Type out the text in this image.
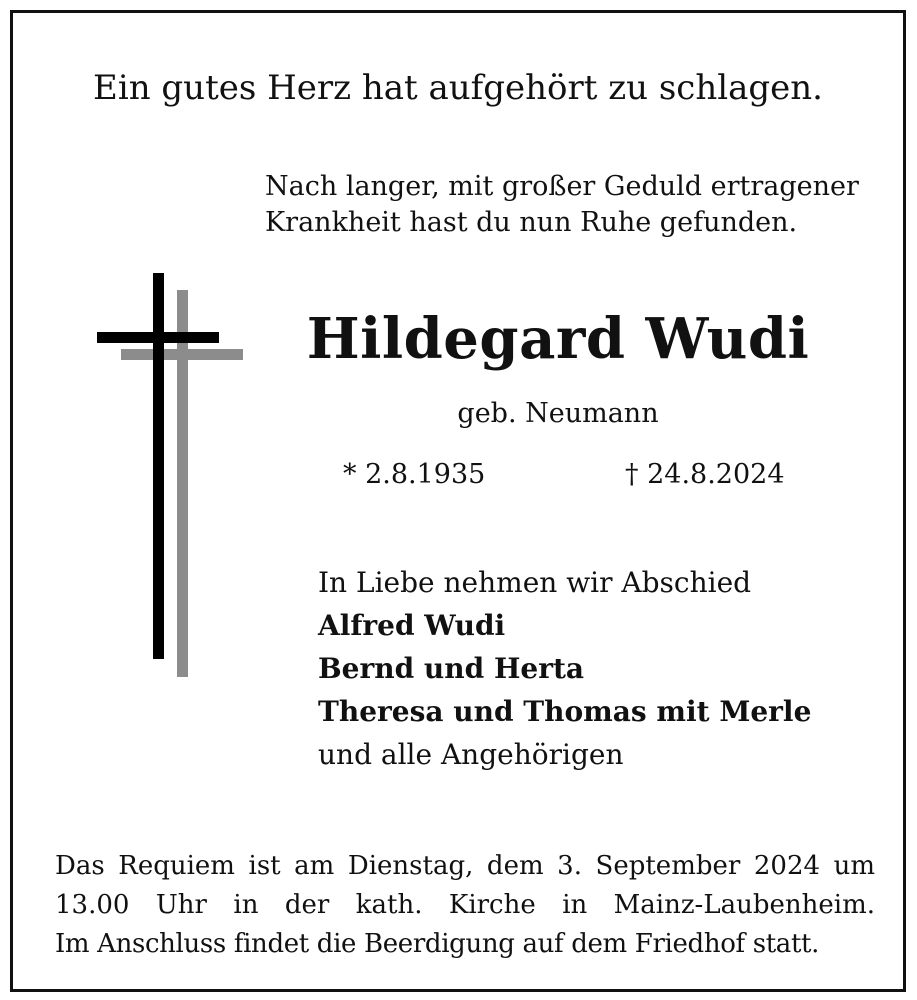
Ein gutes Herz hat aufgehört zu schlagen.

Nach langer, mit großer Geduld ertragener

Krankheit hast du nun Ruhe gefunden.

Hildegard Wudi

geb. Neumann

* 2.8.1935	† 24.8.2024

In Liebe nehmen wir Abschied

Alfred Wudi

Bernd und Herta

Theresa und Thomas mit Merle

und alle Angehörigen

Das Requiem ist am Dienstag, dem 3. September 2024 um
13.00 Uhr in der kath. Kirche in Mainz-Laubenheim.

Im Anschluss findet die Beerdigung auf dem Friedhof statt.
